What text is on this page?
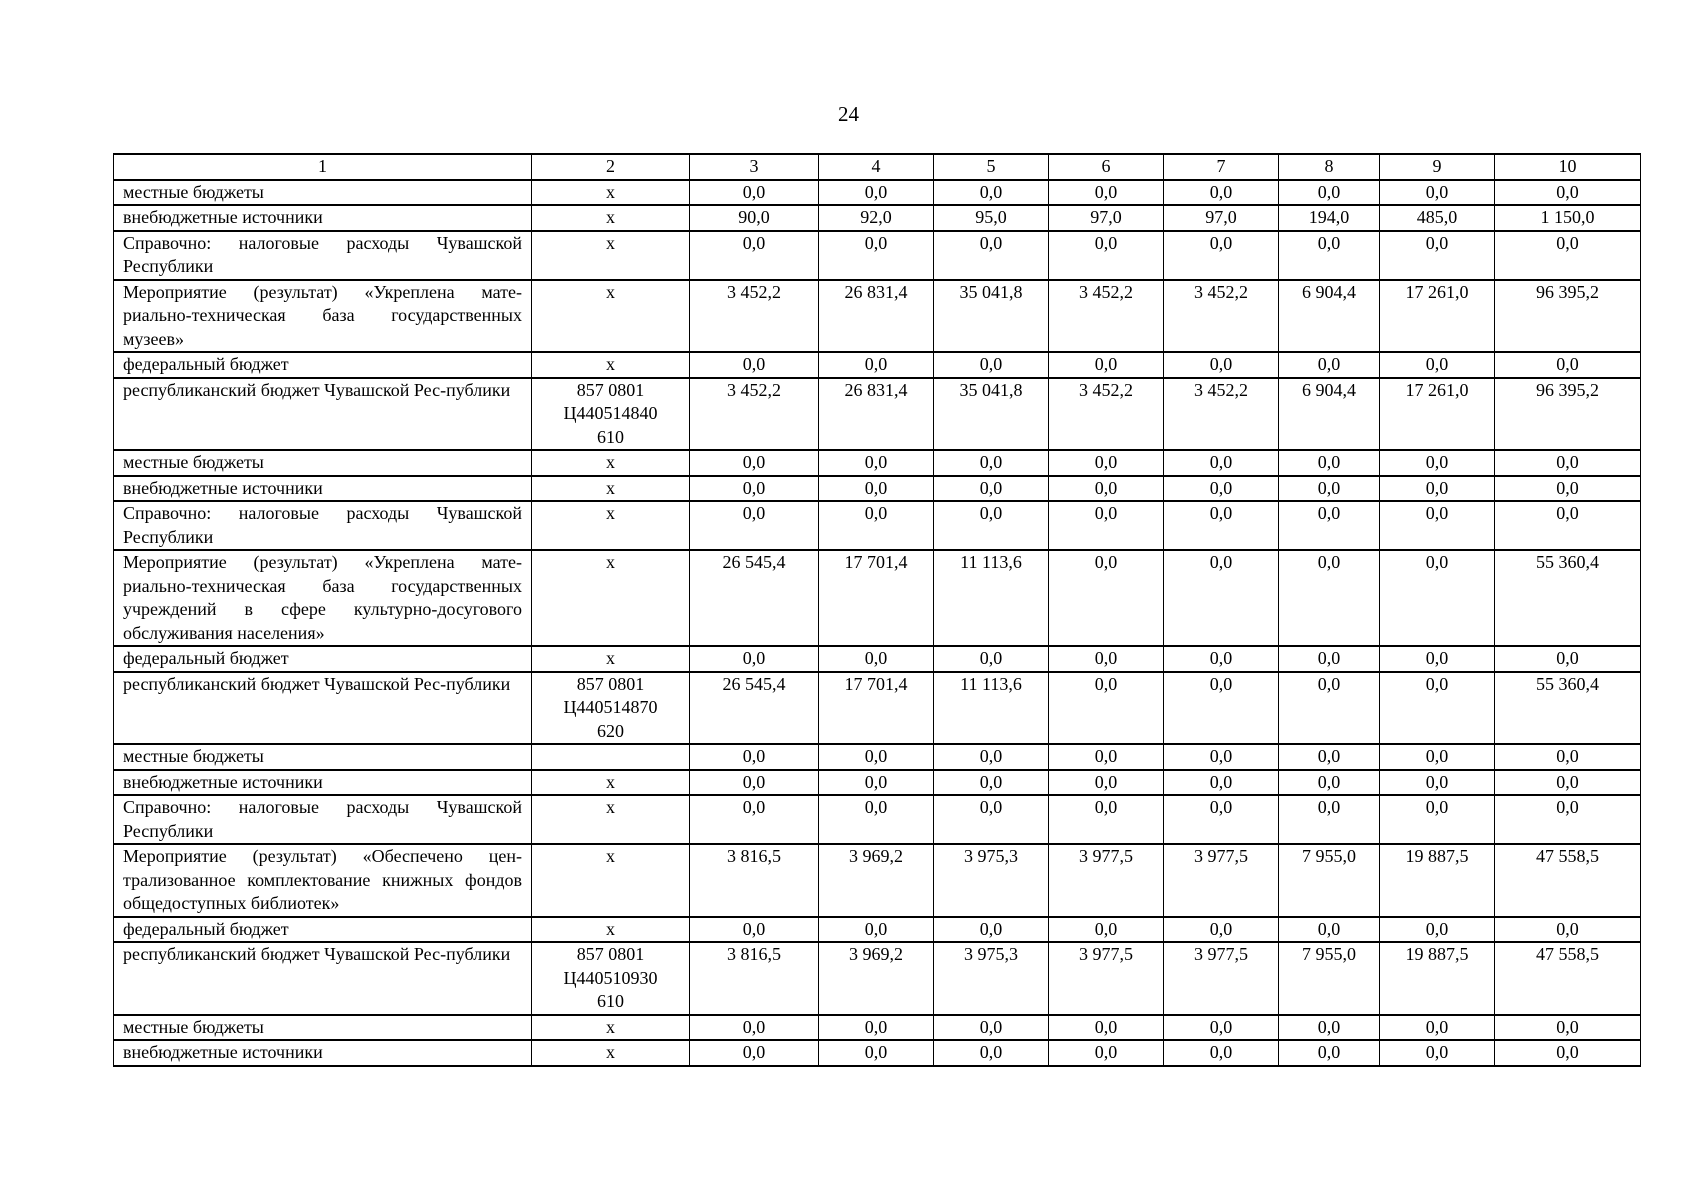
24
1	2	3	4	5	6	7	8	9	10
местные бюджеты	х	0,0	0,0	0,0	0,0	0,0	0,0	0,0	0,0
внебюджетные источники	х	90,0	92,0	95,0	97,0	97,0	194,0	485,0	1 150,0
Справочно: налоговые расходы Чувашской Республики	х	0,0	0,0	0,0	0,0	0,0	0,0	0,0	0,0
Мероприятие (результат) «Укреплена мате-риально-техническая база государственных музеев»	х	3 452,2	26 831,4	35 041,8	3 452,2	3 452,2	6 904,4	17 261,0	96 395,2
федеральный бюджет	х	0,0	0,0	0,0	0,0	0,0	0,0	0,0	0,0
республиканский бюджет Чувашской Рес-публики	857 0801
Ц440514840
610	3 452,2	26 831,4	35 041,8	3 452,2	3 452,2	6 904,4	17 261,0	96 395,2
местные бюджеты	х	0,0	0,0	0,0	0,0	0,0	0,0	0,0	0,0
внебюджетные источники	х	0,0	0,0	0,0	0,0	0,0	0,0	0,0	0,0
Справочно: налоговые расходы Чувашской Республики	х	0,0	0,0	0,0	0,0	0,0	0,0	0,0	0,0
Мероприятие (результат) «Укреплена мате-риально-техническая база государственных учреждений в сфере культурно-досугового обслуживания населения»	х	26 545,4	17 701,4	11 113,6	0,0	0,0	0,0	0,0	55 360,4
федеральный бюджет	х	0,0	0,0	0,0	0,0	0,0	0,0	0,0	0,0
республиканский бюджет Чувашской Рес-публики	857 0801
Ц440514870
620	26 545,4	17 701,4	11 113,6	0,0	0,0	0,0	0,0	55 360,4
местные бюджеты		0,0	0,0	0,0	0,0	0,0	0,0	0,0	0,0
внебюджетные источники	х	0,0	0,0	0,0	0,0	0,0	0,0	0,0	0,0
Справочно: налоговые расходы Чувашской Республики	х	0,0	0,0	0,0	0,0	0,0	0,0	0,0	0,0
Мероприятие (результат) «Обеспечено цен-трализованное комплектование книжных фондов общедоступных библиотек»	х	3 816,5	3 969,2	3 975,3	3 977,5	3 977,5	7 955,0	19 887,5	47 558,5
федеральный бюджет	х	0,0	0,0	0,0	0,0	0,0	0,0	0,0	0,0
республиканский бюджет Чувашской Рес-публики	857 0801
Ц440510930
610	3 816,5	3 969,2	3 975,3	3 977,5	3 977,5	7 955,0	19 887,5	47 558,5
местные бюджеты	х	0,0	0,0	0,0	0,0	0,0	0,0	0,0	0,0
внебюджетные источники	х	0,0	0,0	0,0	0,0	0,0	0,0	0,0	0,0
